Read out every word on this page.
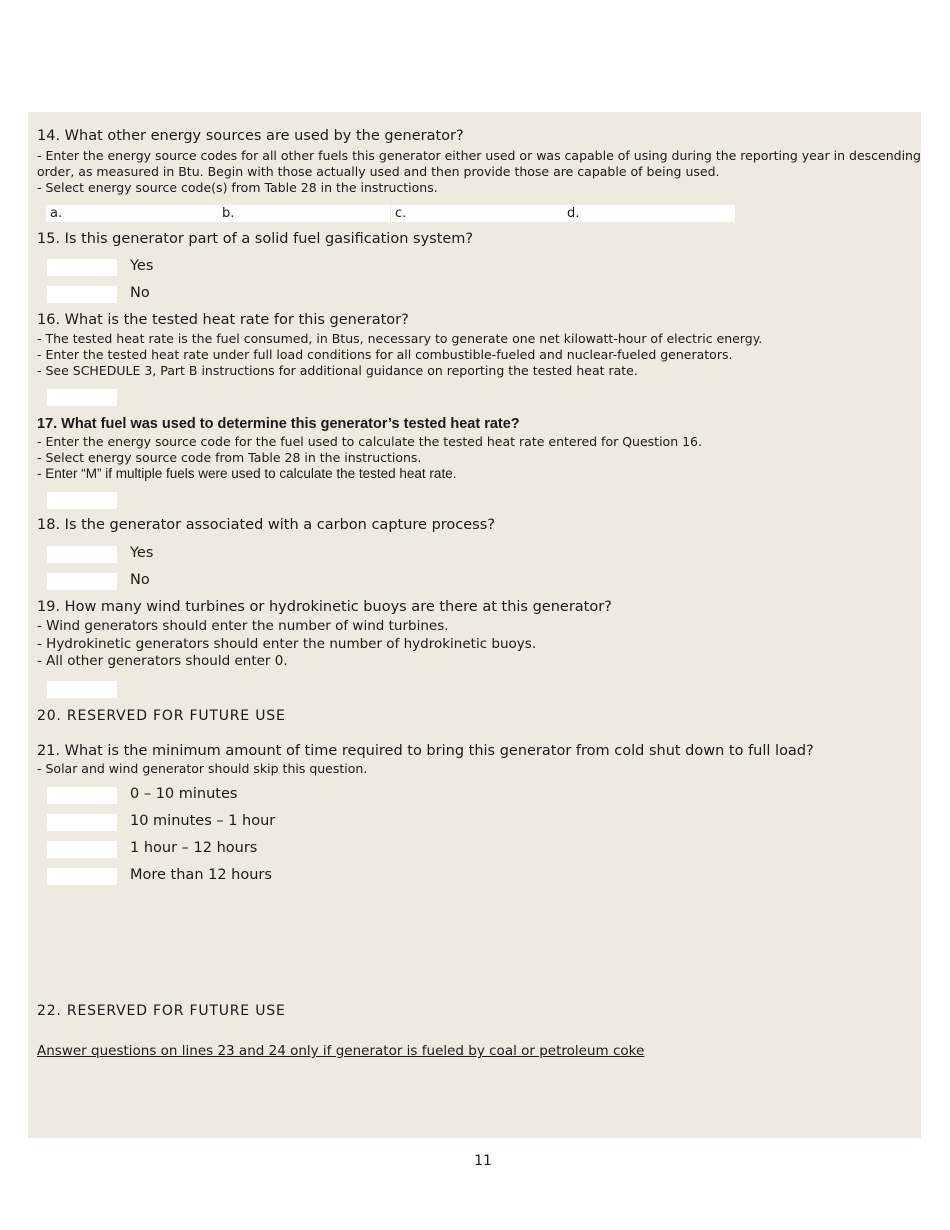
14. What other energy sources are used by the generator?
- Enter the energy source codes for all other fuels this generator either used or was capable of using during the reporting year in descending
order, as measured in Btu. Begin with those actually used and then provide those are capable of being used.
- Select energy source code(s) from Table 28 in the instructions.
a.	b.	c.	d.
15. Is this generator part of a solid fuel gasification system?
Yes
No
16. What is the tested heat rate for this generator?
- The tested heat rate is the fuel consumed, in Btus, necessary to generate one net kilowatt-hour of electric energy.
- Enter the tested heat rate under full load conditions for all combustible-fueled and nuclear-fueled generators.
- See SCHEDULE 3, Part B instructions for additional guidance on reporting the tested heat rate.
17. What fuel was used to determine this generator’s tested heat rate?
- Enter the energy source code for the fuel used to calculate the tested heat rate entered for Question 16.
- Select energy source code from Table 28 in the instructions.
- Enter “M” if multiple fuels were used to calculate the tested heat rate.
18. Is the generator associated with a carbon capture process?
Yes
No
19. How many wind turbines or hydrokinetic buoys are there at this generator?
- Wind generators should enter the number of wind turbines.
- Hydrokinetic generators should enter the number of hydrokinetic buoys.
- All other generators should enter 0.
20. RESERVED FOR FUTURE USE
21. What is the minimum amount of time required to bring this generator from cold shut down to full load?
- Solar and wind generator should skip this question.
0 – 10 minutes
10 minutes – 1 hour
1 hour – 12 hours
More than 12 hours
22. RESERVED FOR FUTURE USE
Answer questions on lines 23 and 24 only if generator is fueled by coal or petroleum coke
11
